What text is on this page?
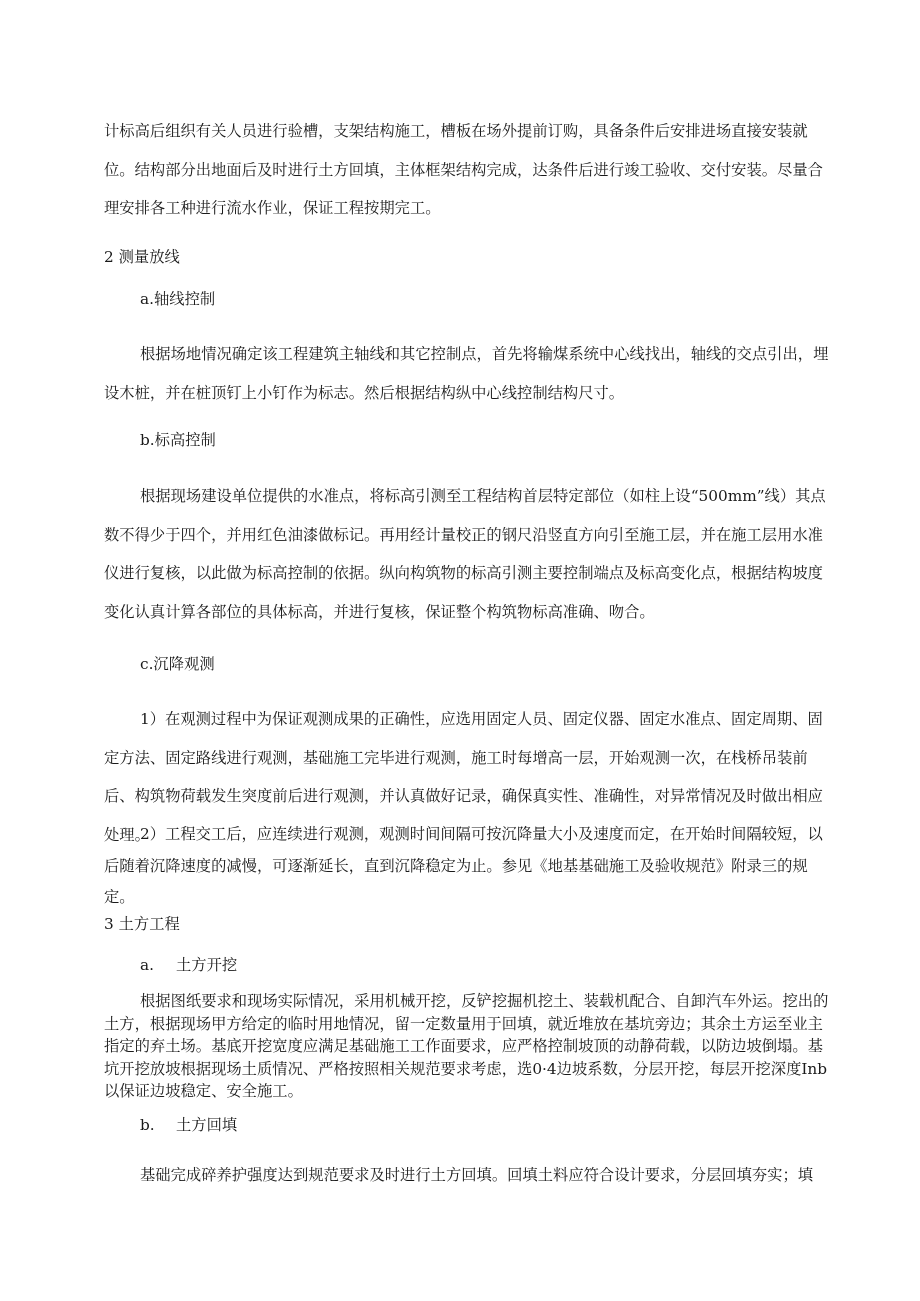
计标高后组织有关人员进行验槽，支架结构施工，槽板在场外提前订购，具备条件后安排进场直接安装就位。结构部分出地面后及时进行土方回填，主体框架结构完成，达条件后进行竣工验收、交付安装。尽量合理安排各工种进行流水作业，保证工程按期完工。

2 测量放线
a.轴线控制

根据场地情况确定该工程建筑主轴线和其它控制点，首先将输煤系统中心线找出，轴线的交点引出，埋设木桩，并在桩顶钉上小钉作为标志。然后根据结构纵中心线控制结构尺寸。

b.标高控制

根据现场建设单位提供的水准点，将标高引测至工程结构首层特定部位（如柱上设“500mm”线）其点数不得少于四个，并用红色油漆做标记。再用经计量校正的钢尺沿竖直方向引至施工层，并在施工层用水准仪进行复核，以此做为标高控制的依据。纵向构筑物的标高引测主要控制端点及标高变化点，根据结构坡度变化认真计算各部位的具体标高，并进行复核，保证整个构筑物标高准确、吻合。

c.沉降观测

1）在观测过程中为保证观测成果的正确性，应选用固定人员、固定仪器、固定水准点、固定周期、固定方法、固定路线进行观测，基础施工完毕进行观测，施工时每增高一层，开始观测一次，在栈桥吊装前后、构筑物荷载发生突度前后进行观测，并认真做好记录，确保真实性、准确性，对异常情况及时做出相应处理。

2）工程交工后，应连续进行观测，观测时间间隔可按沉降量大小及速度而定，在开始时间隔较短，以后随着沉降速度的减慢，可逐渐延长，直到沉降稳定为止。参见《地基基础施工及验收规范》附录三的规定。

3 土方工程
a. 土方开挖

根据图纸要求和现场实际情况，采用机械开挖，反铲挖掘机挖土、装载机配合、自卸汽车外运。挖出的土方，根据现场甲方给定的临时用地情况，留一定数量用于回填，就近堆放在基坑旁边；其余土方运至业主指定的弃土场。基底开挖宽度应满足基础施工工作面要求，应严格控制坡顶的动静荷载，以防边坡倒塌。基坑开挖放坡根据现场土质情况、严格按照相关规范要求考虑，选0·4边坡系数，分层开挖，每层开挖深度Inb以保证边坡稳定、安全施工。

b. 土方回填

基础完成碎养护强度达到规范要求及时进行土方回填。回填土料应符合设计要求，分层回填夯实；填
